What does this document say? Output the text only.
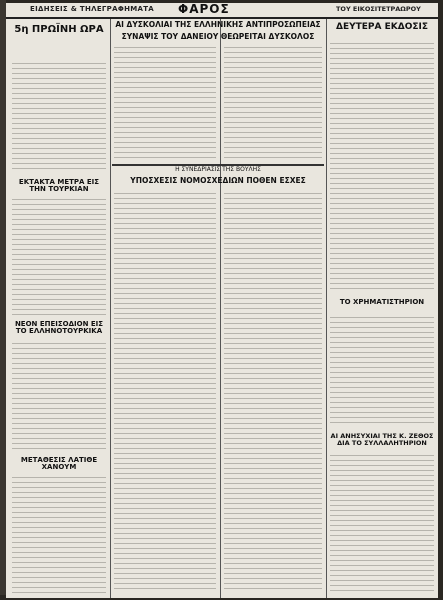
ΕΙΔΗΣΕΙΣ & ΤΗΛΕΓΡΑΦΗΜΑΤΑ ΦΑΡΟΣ	ΤΟΥ ΕΙΚΟΣΙΤΕΤΡΑΩΡΟΥ
5η ΠΡΩΪΝΗ ΩΡΑ
ΕΚΤΑΚΤΑ ΜΕΤΡΑ ΕΙΣ ΤΗΝ ΤΟΥΡΚΙΑΝ
ΝΕΟΝ ΕΠΕΙΣΟΔΙΟΝ ΕΙΣ ΤΟ ΕΛΛΗΝΟΤΟΥΡΚΙΚΑ
ΜΕΤΑΘΕΣΙΣ ΛΑΤΙΘΕ ΧΑΝΟΥΜ
ΑΙ ΔΥΣΚΟΛΙΑΙ ΤΗΣ ΕΛΛΗΝΙΚΗΣ ΑΝΤΙΠΡΟΣΩΠΕΙΑΣ
ΣΥΝΑΨΙΣ ΤΟΥ ΔΑΝΕΙΟΥ ΘΕΩΡΕΙΤΑΙ ΔΥΣΚΟΛΟΣ
Η ΣΥΝΕΔΡΙΑΣΙΣ ΤΗΣ ΒΟΥΛΗΣ
ΥΠΟΣΧΕΣΙΣ ΝΟΜΟΣΧΕΔΙΩΝ ΠΟΘΕΝ ΕΣΧΕΣ
ΔΕΥΤΕΡΑ ΕΚΔΟΣΙΣ
ΤΟ ΧΡΗΜΑΤΙΣΤΗΡΙΟΝ
ΑΙ ΑΝΗΣΥΧΙΑΙ ΤΗΣ Κ. ΖΕΘΟΣ ΔΙΑ ΤΟ ΣΥΛΛΑΛΗΤΗΡΙΟΝ
